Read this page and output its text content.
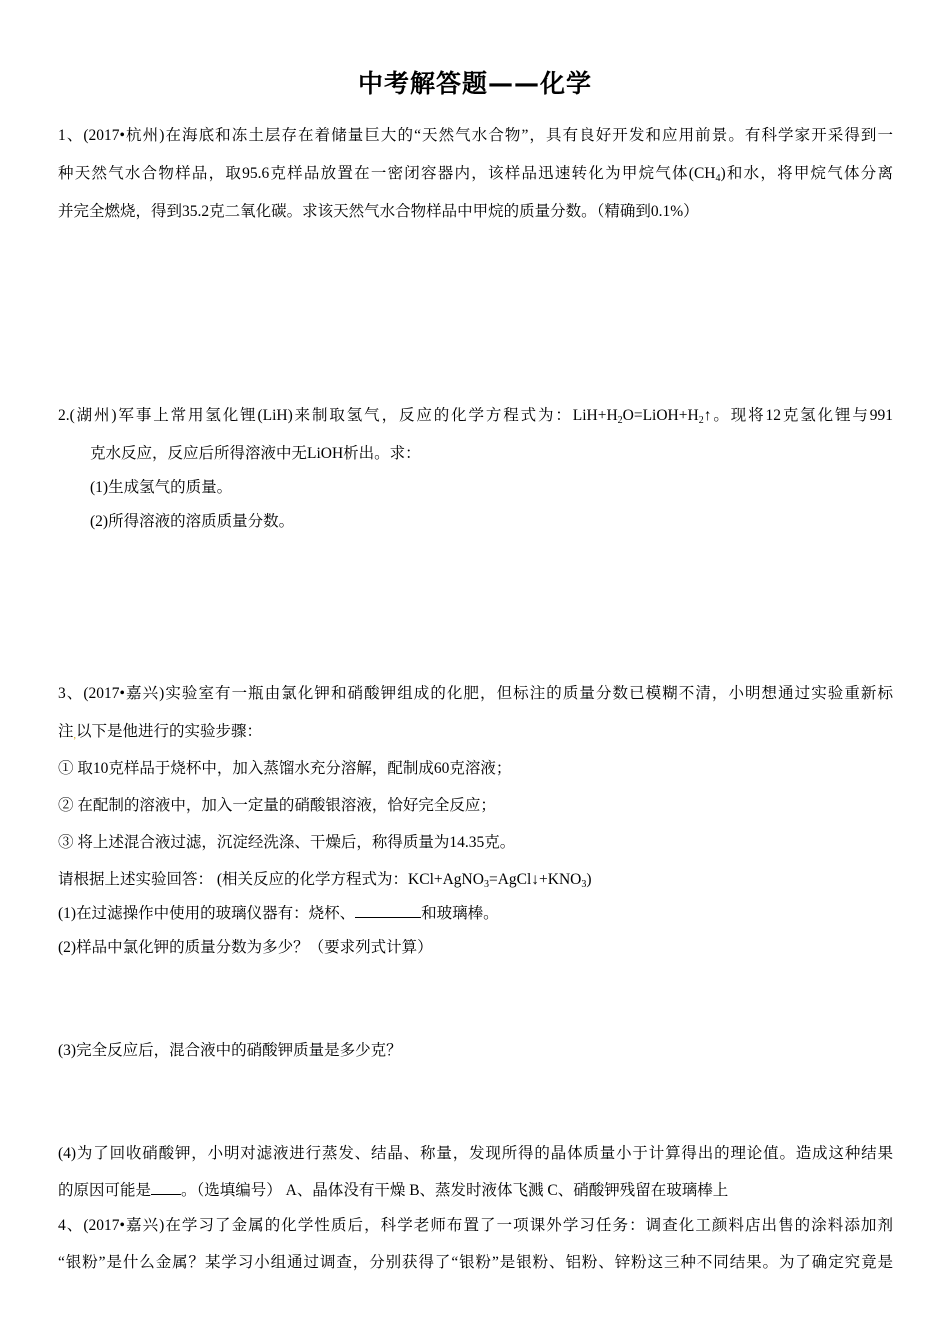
中考解答题——化学
1、(2017•杭州)在海底和冻土层存在着储量巨大的“天然气水合物”，具有良好开发和应用前景。有科学家开采得到一
种天然气水合物样品，取95.6克样品放置在一密闭容器内，该样品迅速转化为甲烷气体$(CH_4)$和水，将甲烷气体分离
并完全燃烧，得到35.2克二氧化碳。求该天然气水合物样品中甲烷的质量分数。（精确到0.1%）
2.(湖州)军事上常用氢化锂(LiH)来制取氢气，反应的化学方程式为：$LiH+H_2O=LiOH+H_2↑$。现将12克氢化锂与991
克水反应，反应后所得溶液中无LiOH析出。求：
(1)生成氢气的质量。
(2)所得溶液的溶质质量分数。
3、(2017•嘉兴)实验室有一瓶由氯化钾和硝酸钾组成的化肥，但标注的质量分数已模糊不清，小明想通过实验重新标
注,以下是他进行的实验步骤：
① 取10克样品于烧杯中，加入蒸馏水充分溶解，配制成60克溶液；
② 在配制的溶液中，加入一定量的硝酸银溶液，恰好完全反应；
③ 将上述混合液过滤，沉淀经洗涤、干燥后，称得质量为14.35克。
请根据上述实验回答： (相关反应的化学方程式为：$KCl+AgNO_3=AgCl↓+KNO_3$)
(1)在过滤操作中使用的玻璃仪器有：烧杯、	和玻璃棒。
(2)样品中氯化钾的质量分数为多少？（要求列式计算）
(3)完全反应后，混合液中的硝酸钾质量是多少克？
(4)为了回收硝酸钾，小明对滤液进行蒸发、结晶、称量，发现所得的晶体质量小于计算得出的理论值。造成这种结果
的原因可能是 。（选填编号） A、晶体没有干燥 B、蒸发时液体飞溅 C、硝酸钾残留在玻璃棒上
4、(2017•嘉兴)在学习了金属的化学性质后，科学老师布置了一项课外学习任务：调查化工颜料店出售的涂料添加剂
“银粉”是什么金属？某学习小组通过调查，分别获得了“银粉”是银粉、铝粉、锌粉这三种不同结果。为了确定究竟是
